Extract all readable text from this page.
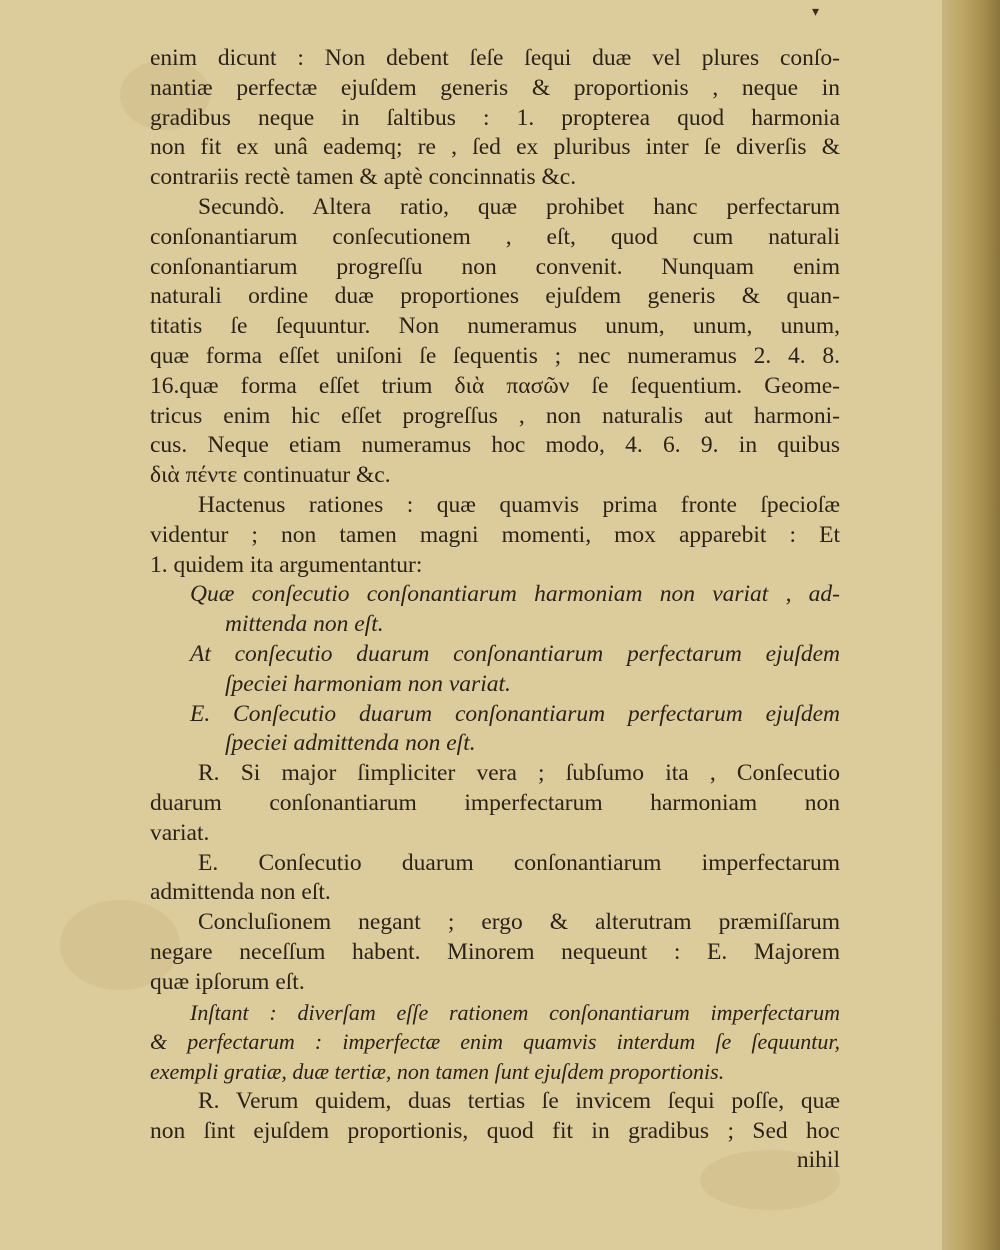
▾
enim dicunt : Non debent ſeſe ſequi duæ vel plures conſo-
nantiæ perfectæ ejuſdem generis & proportionis , neque in
gradibus neque in ſaltibus : 1. propterea quod harmonia
non fit ex unâ eademq; re , ſed ex pluribus inter ſe diverſis &
contrariis rectè tamen & aptè concinnatis &c.
Secundò. Altera ratio, quæ prohibet hanc perfectarum
conſonantiarum conſecutionem , eſt, quod cum naturali
conſonantiarum progreſſu non convenit. Nunquam enim
naturali ordine duæ proportiones ejuſdem generis & quan-
titatis ſe ſequuntur. Non numeramus unum, unum, unum,
quæ forma eſſet uniſoni ſe ſequentis ; nec numeramus 2. 4. 8.
16.quæ forma eſſet trium διὰ πασῶν ſe ſequentium. Geome-
tricus enim hic eſſet progreſſus , non naturalis aut harmoni-
cus. Neque etiam numeramus hoc modo, 4. 6. 9. in quibus
διὰ πέντε continuatur &c.
Hactenus rationes : quæ quamvis prima fronte ſpecioſæ
videntur ; non tamen magni momenti, mox apparebit : Et
1. quidem ita argumentantur:
Quæ conſecutio conſonantiarum harmoniam non variat , ad-
mittenda non eſt.
At conſecutio duarum conſonantiarum perfectarum ejuſdem
ſpeciei harmoniam non variat.
E. Conſecutio duarum conſonantiarum perfectarum ejuſdem
ſpeciei admittenda non eſt.
R. Si major ſimpliciter vera ; ſubſumo ita , Conſecutio
duarum conſonantiarum imperfectarum harmoniam non
variat.
E. Conſecutio duarum conſonantiarum imperfectarum
admittenda non eſt.
Concluſionem negant ; ergo & alterutram præmiſſarum
negare neceſſum habent. Minorem nequeunt : E. Majorem
quæ ipſorum eſt.
Inſtant : diverſam eſſe rationem conſonantiarum imperfectarum
& perfectarum : imperfectæ enim quamvis interdum ſe ſequuntur,
exempli gratiæ, duæ tertiæ, non tamen ſunt ejuſdem proportionis.
R. Verum quidem, duas tertias ſe invicem ſequi poſſe, quæ
non ſint ejuſdem proportionis, quod fit in gradibus ; Sed hoc
nihil
